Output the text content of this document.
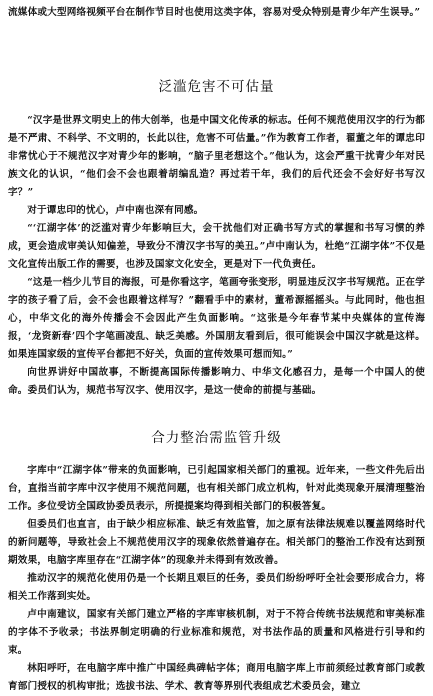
流媒体或大型网络视频平台在制作节目时也使用这类字体，容易对受众特别是青少年产生误导。”

泛滥危害不可估量

“汉字是世界文明史上的伟大创举，也是中国文化传承的标志。任何不规范使用汉字的行为都是不严肃、不科学、不文明的，长此以往，危害不可估量。”作为教育工作者，翟董之年的谭忠印非常忧心于不规范汉字对青少年的影响，“脑子里老想这个。”他认为，这会严重干扰青少年对民族文化的认识，“他们会不会也跟着胡编乱造？再过若干年，我们的后代还会不会好好书写汉字？”

对于谭忠印的忧心，卢中南也深有同感。

“‘江湖字体’的泛滥对青少年影响巨大，会干扰他们对正确书写方式的掌握和书写习惯的养成，更会造成审美认知偏差，导致分不清汉字书写的美丑。”卢中南认为，杜绝“江湖字体”不仅是文化宣传出版工作的需要，也涉及国家文化安全，更是对下一代负责任。

“这是一档少儿节目的海报，可是你看这字，笔画夸张变形，明显违反汉字书写规范。正在学字的孩子看了后，会不会也跟着这样写？”翻看手中的素材，董希源摇摇头。与此同时，他也担心，中华文化的海外传播会不会因此产生负面影响。“这张是今年春节某中央媒体的宣传海报，‘龙资新春’四个字笔画凌乱、缺乏美感。外国朋友看到后，很可能误会中国汉字就是这样。如果连国家级的宣传平台都把不好关，负面的宣传效果可想而知。”

向世界讲好中国故事，不断提高国际传播影响力、中华文化感召力，是每一个中国人的使命。委员们认为，规范书写汉字、使用汉字，是这一使命的前提与基础。

合力整治需监管升级

字库中“江湖字体”带来的负面影响，已引起国家相关部门的重视。近年来，一些文件先后出台，直指当前字库中汉字使用不规范问题，也有相关部门成立机构，针对此类现象开展清理整治工作。多位受访全国政协委员表示，所提提案均得到相关部门的积极答复。

但委员们也直言，由于缺少相应标准、缺乏有效监管，加之原有法律法规难以覆盖网络时代的新问题等，导致社会上不规范使用汉字的现象依然普遍存在。相关部门的整治工作没有达到预期效果，电脑字库里存在“江湖字体”的现象并未得到有效改善。

推动汉字的规范化使用仍是一个长期且艰巨的任务，委员们纷纷呼吁全社会要形成合力，将相关工作落到实处。

卢中南建议，国家有关部门建立严格的字库审核机制，对于不符合传统书法规范和审美标准的字体不予收录；书法界制定明确的行业标准和规范，对书法作品的质量和风格进行引导和约束。

林阳呼吁，在电脑字库中推广中国经典碑帖字体；商用电脑字库上市前须经过教育部门或教育部门授权的机构审批；选拔书法、学术、教育等界别代表组成艺术委员会，建立
